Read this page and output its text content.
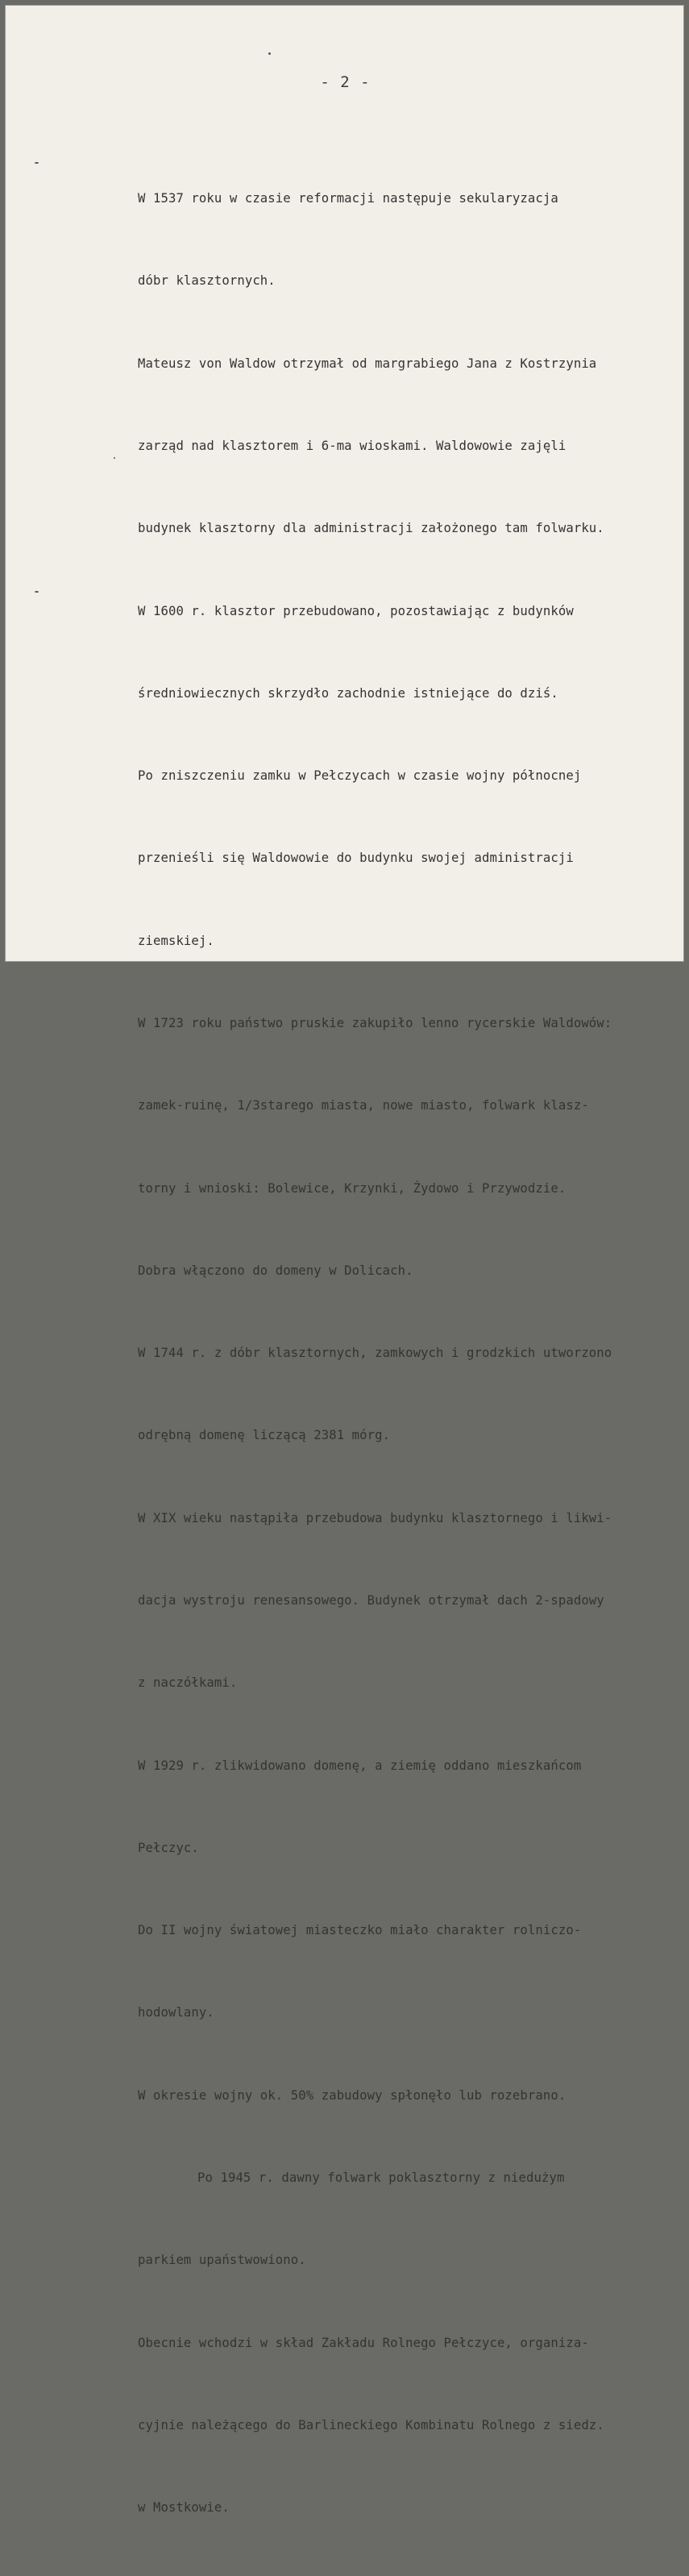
- 2 -

W 1537 roku w czasie reformacji następuje sekularyzacja

dóbr klasztornych.

Mateusz von Waldow otrzymał od margrabiego Jana z Kostrzynia

zarząd nad klasztorem i 6-ma wioskami. Waldowowie zajęli

budynek klasztorny dla administracji założonego tam folwarku.

W 1600 r. klasztor przebudowano, pozostawiając z budynków

średniowiecznych skrzydło zachodnie istniejące do dziś.

Po zniszczeniu zamku w Pełczycach w czasie wojny północnej

przenieśli się Waldowowie do budynku swojej administracji

ziemskiej.

W 1723 roku państwo pruskie zakupiło lenno rycerskie Waldowów:

zamek-ruinę, 1/3starego miasta, nowe miasto, folwark klasz-

torny i wnioski: Bolewice, Krzynki, Żydowo i Przywodzie.

Dobra włączono do domeny w Dolicach.

W 1744 r. z dóbr klasztornych, zamkowych i grodzkich utworzono

odrębną domenę liczącą 2381 mórg.

W XIX wieku nastąpiła przebudowa budynku klasztornego i likwi-

dacja wystroju renesansowego. Budynek otrzymał dach 2-spadowy

z naczółkami.

W 1929 r. zlikwidowano domenę, a ziemię oddano mieszkańcom

Pełczyc.

Do II wojny światowej miasteczko miało charakter rolniczo-

hodowlany.

W okresie wojny ok. 50% zabudowy spłonęło lub rozebrano.

Po 1945 r. dawny folwark poklasztorny z niedużym

parkiem upaństwowiono.

Obecnie wchodzi w skład Zakładu Rolnego Pełczyce, organiza-

cyjnie należącego do Barlineckiego Kombinatu Rolnego z siedz.

w Mostkowie.
